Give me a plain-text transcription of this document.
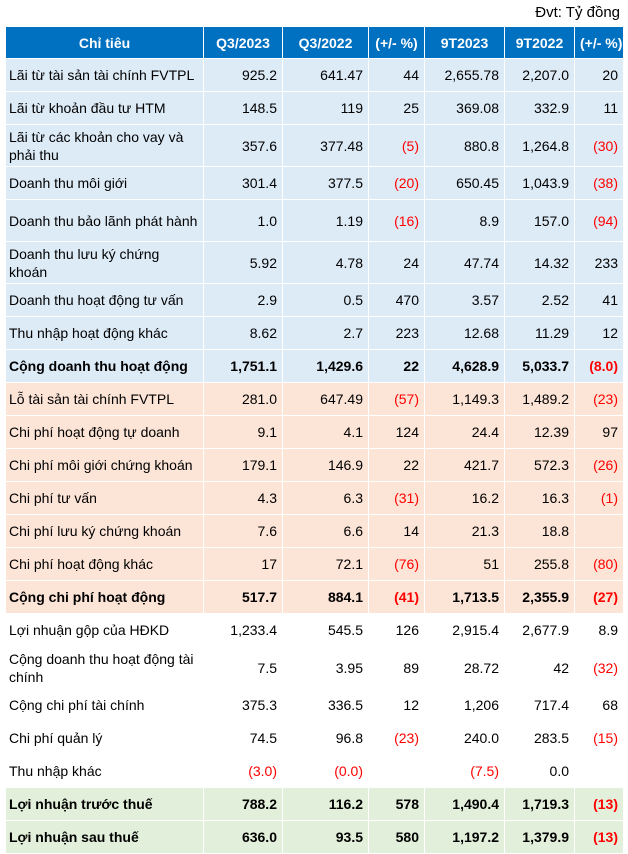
Đvt: Tỷ đồng
Chỉ tiêu	Q3/2023	Q3/2022	(+/- %)	9T2023	9T2022	(+/- %)
Lãi từ tài sản tài chính FVTPL	925.2	641.47	44	2,655.78	2,207.0	20
Lãi từ khoản đầu tư HTM	148.5	119	25	369.08	332.9	11
Lãi từ các khoản cho vay và phải thu	357.6	377.48	(5)	880.8	1,264.8	(30)
Doanh thu môi giới	301.4	377.5	(20)	650.45	1,043.9	(38)
Doanh thu bảo lãnh phát hành	1.0	1.19	(16)	8.9	157.0	(94)
Doanh thu lưu ký chứng khoán	5.92	4.78	24	47.74	14.32	233
Doanh thu hoạt động tư vấn	2.9	0.5	470	3.57	2.52	41
Thu nhập hoạt động khác	8.62	2.7	223	12.68	11.29	12
Cộng doanh thu hoạt động	1,751.1	1,429.6	22	4,628.9	5,033.7	(8.0)
Lỗ tài sản tài chính FVTPL	281.0	647.49	(57)	1,149.3	1,489.2	(23)
Chi phí hoạt động tự doanh	9.1	4.1	124	24.4	12.39	97
Chi phí môi giới chứng khoán	179.1	146.9	22	421.7	572.3	(26)
Chi phí tư vấn	4.3	6.3	(31)	16.2	16.3	(1)
Chi phí lưu ký chứng khoán	7.6	6.6	14	21.3	18.8	
Chi phí hoạt động khác	17	72.1	(76)	51	255.8	(80)
Cộng chi phí hoạt động	517.7	884.1	(41)	1,713.5	2,355.9	(27)
Lợi nhuận gộp của HĐKD	1,233.4	545.5	126	2,915.4	2,677.9	8.9
Cộng doanh thu hoạt động tài chính	7.5	3.95	89	28.72	42	(32)
Cộng chi phí tài chính	375.3	336.5	12	1,206	717.4	68
Chi phí quản lý	74.5	96.8	(23)	240.0	283.5	(15)
Thu nhập khác	(3.0)	(0.0)		(7.5)	0.0	
Lợi nhuận trước thuế	788.2	116.2	578	1,490.4	1,719.3	(13)
Lợi nhuận sau thuế	636.0	93.5	580	1,197.2	1,379.9	(13)
